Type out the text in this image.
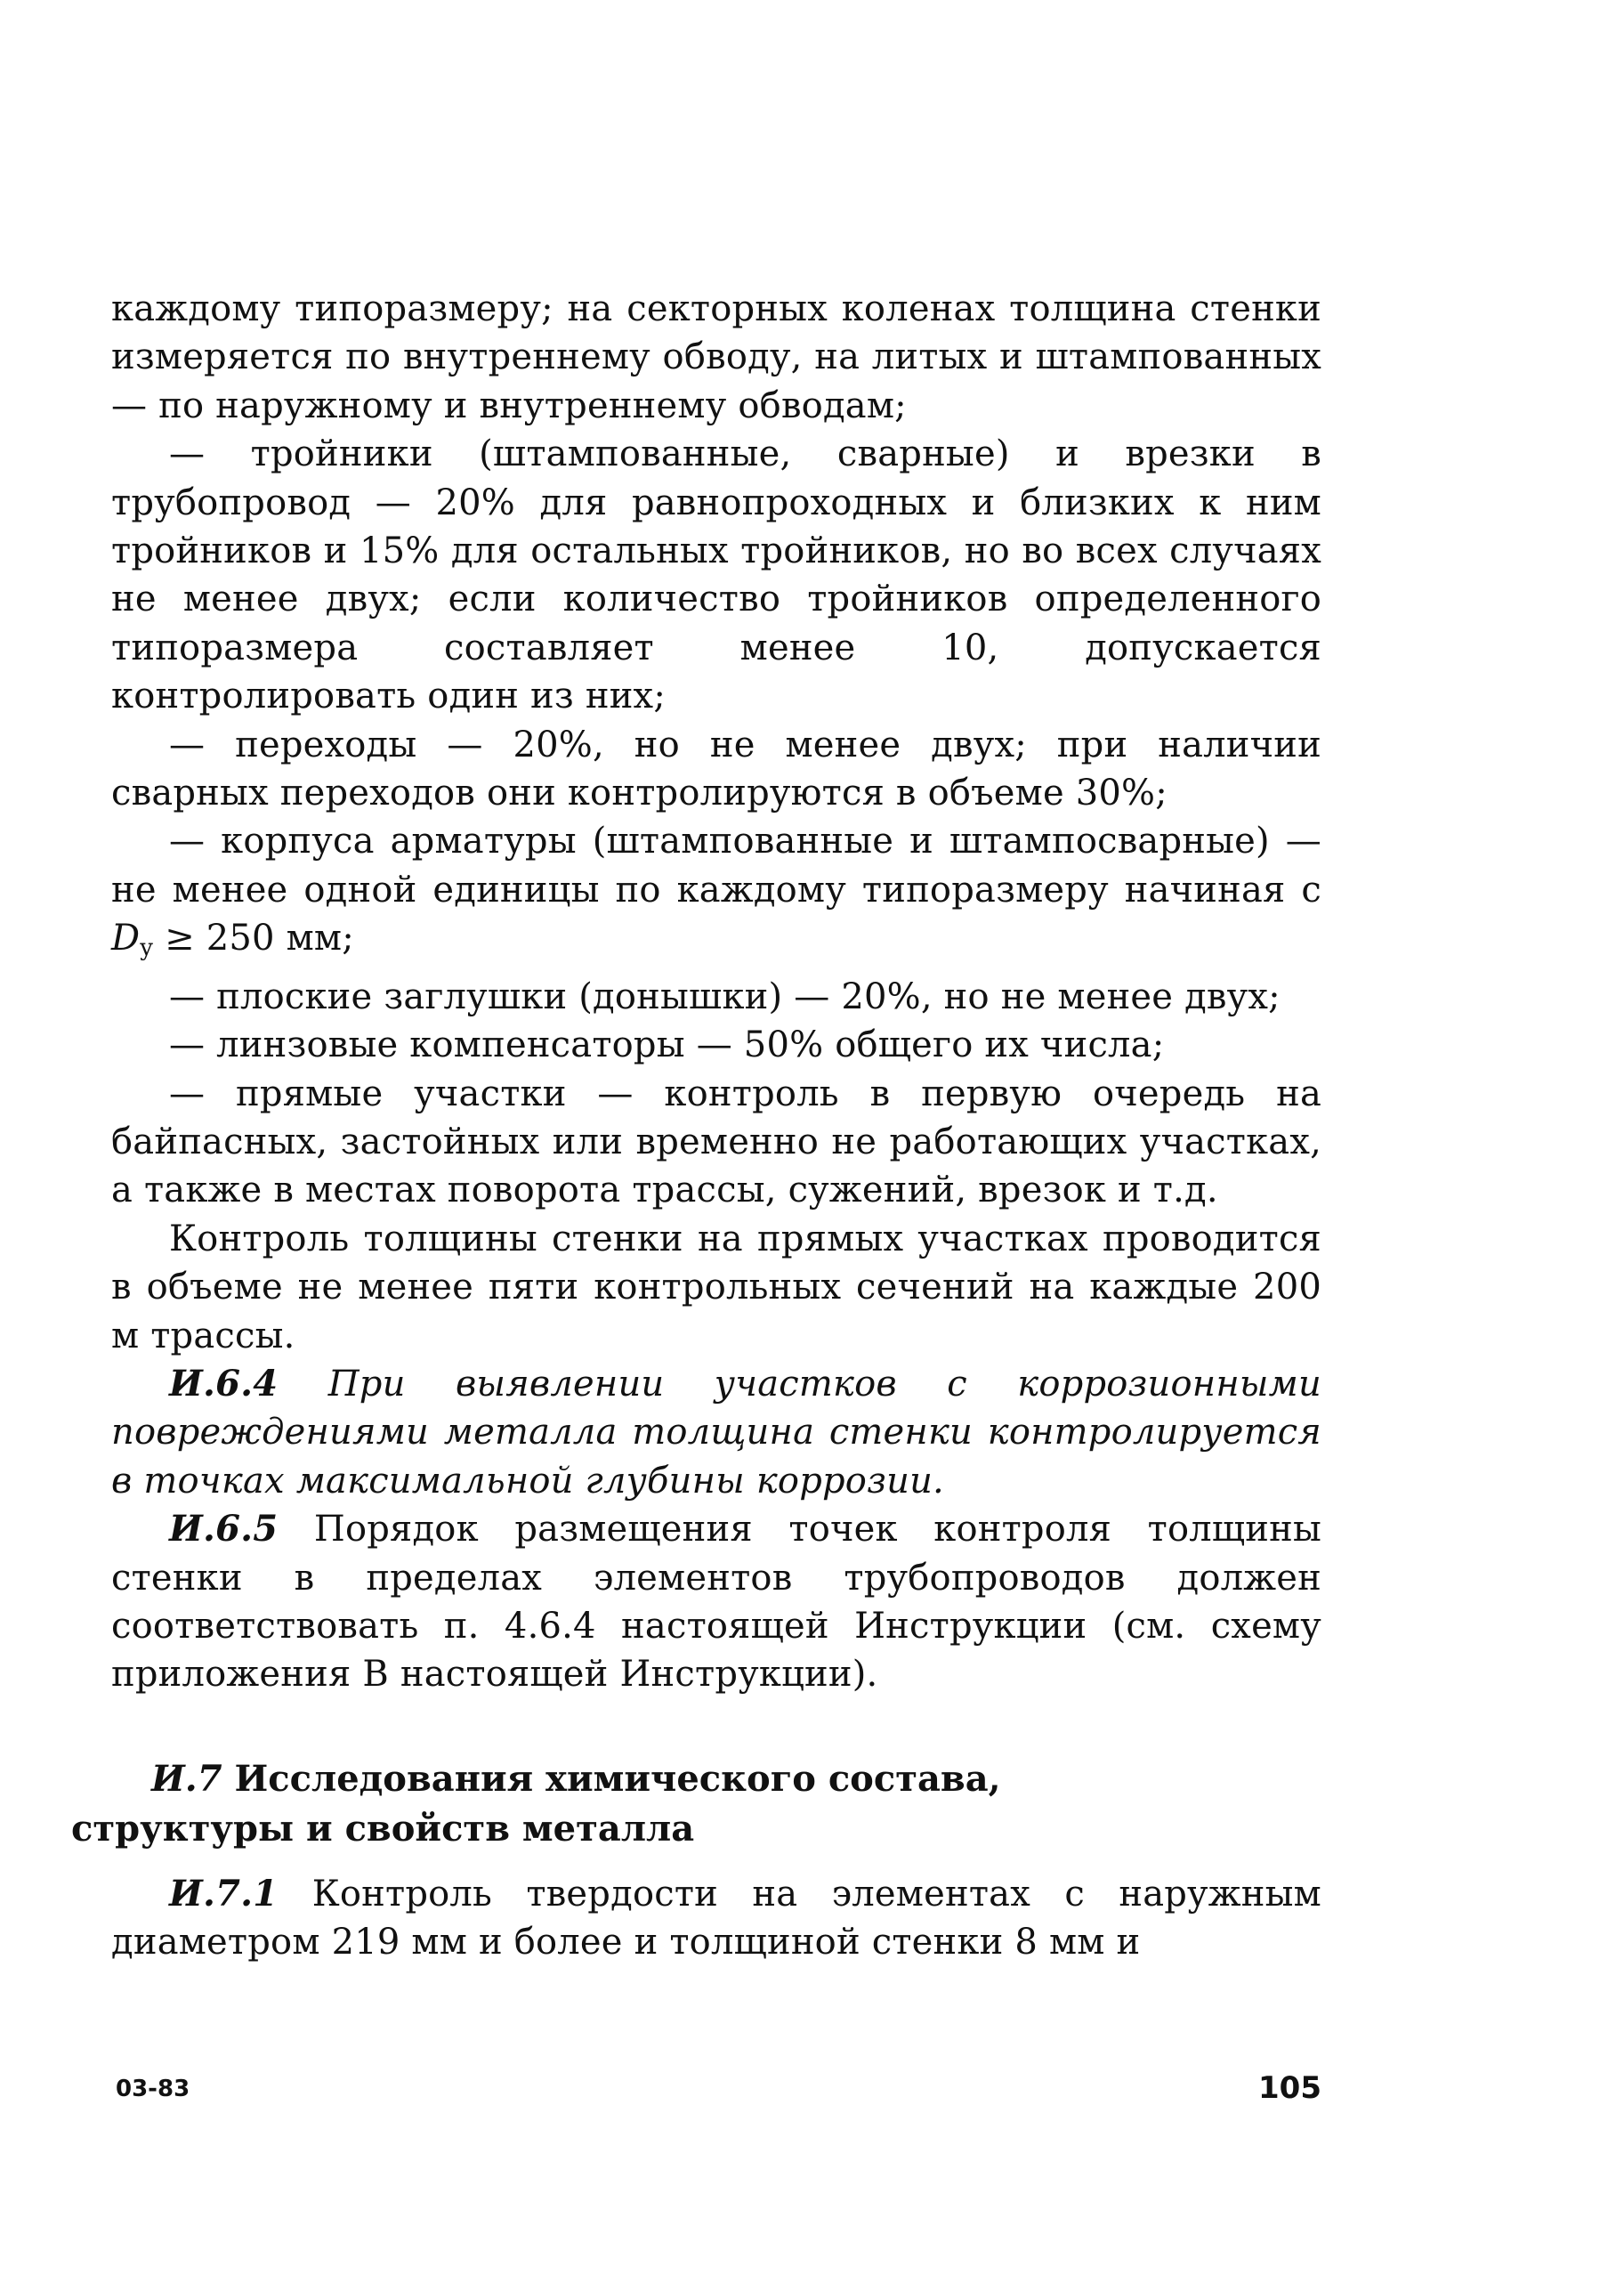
каждому типоразмеру; на секторных коленах толщина стенки измеряется по внутреннему обводу, на литых и штампованных — по наружному и внутреннему обводам;

— тройники (штампованные, сварные) и врезки в трубопровод — 20% для равнопроходных и близких к ним тройников и 15% для остальных тройников, но во всех случаях не менее двух; если количество тройников определенного типоразмера составляет менее 10, допускается контролировать один из них;

— переходы — 20%, но не менее двух; при наличии сварных переходов они контролируются в объеме 30%;

— корпуса арматуры (штампованные и штампосварные) — не менее одной единицы по каждому типоразмеру начиная с $D_y \ge 250$ мм;

— плоские заглушки (донышки) — 20%, но не менее двух;

— линзовые компенсаторы — 50% общего их числа;

— прямые участки — контроль в первую очередь на байпасных, застойных или временно не работающих участках, а также в местах поворота трассы, сужений, врезок и т.д.

Контроль толщины стенки на прямых участках проводится в объеме не менее пяти контрольных сечений на каждые 200 м трассы.

И.6.4 При выявлении участков с коррозионными повреждениями металла толщина стенки контролируется в точках максимальной глубины коррозии.

И.6.5 Порядок размещения точек контроля толщины стенки в пределах элементов трубопроводов должен соответствовать п. 4.6.4 настоящей Инструкции (см. схему приложения В настоящей Инструкции).

И.7 Исследования химического состава,
структуры и свойств металла

И.7.1 Контроль твердости на элементах с наружным диаметром 219 мм и более и толщиной стенки 8 мм и

03-83	105
